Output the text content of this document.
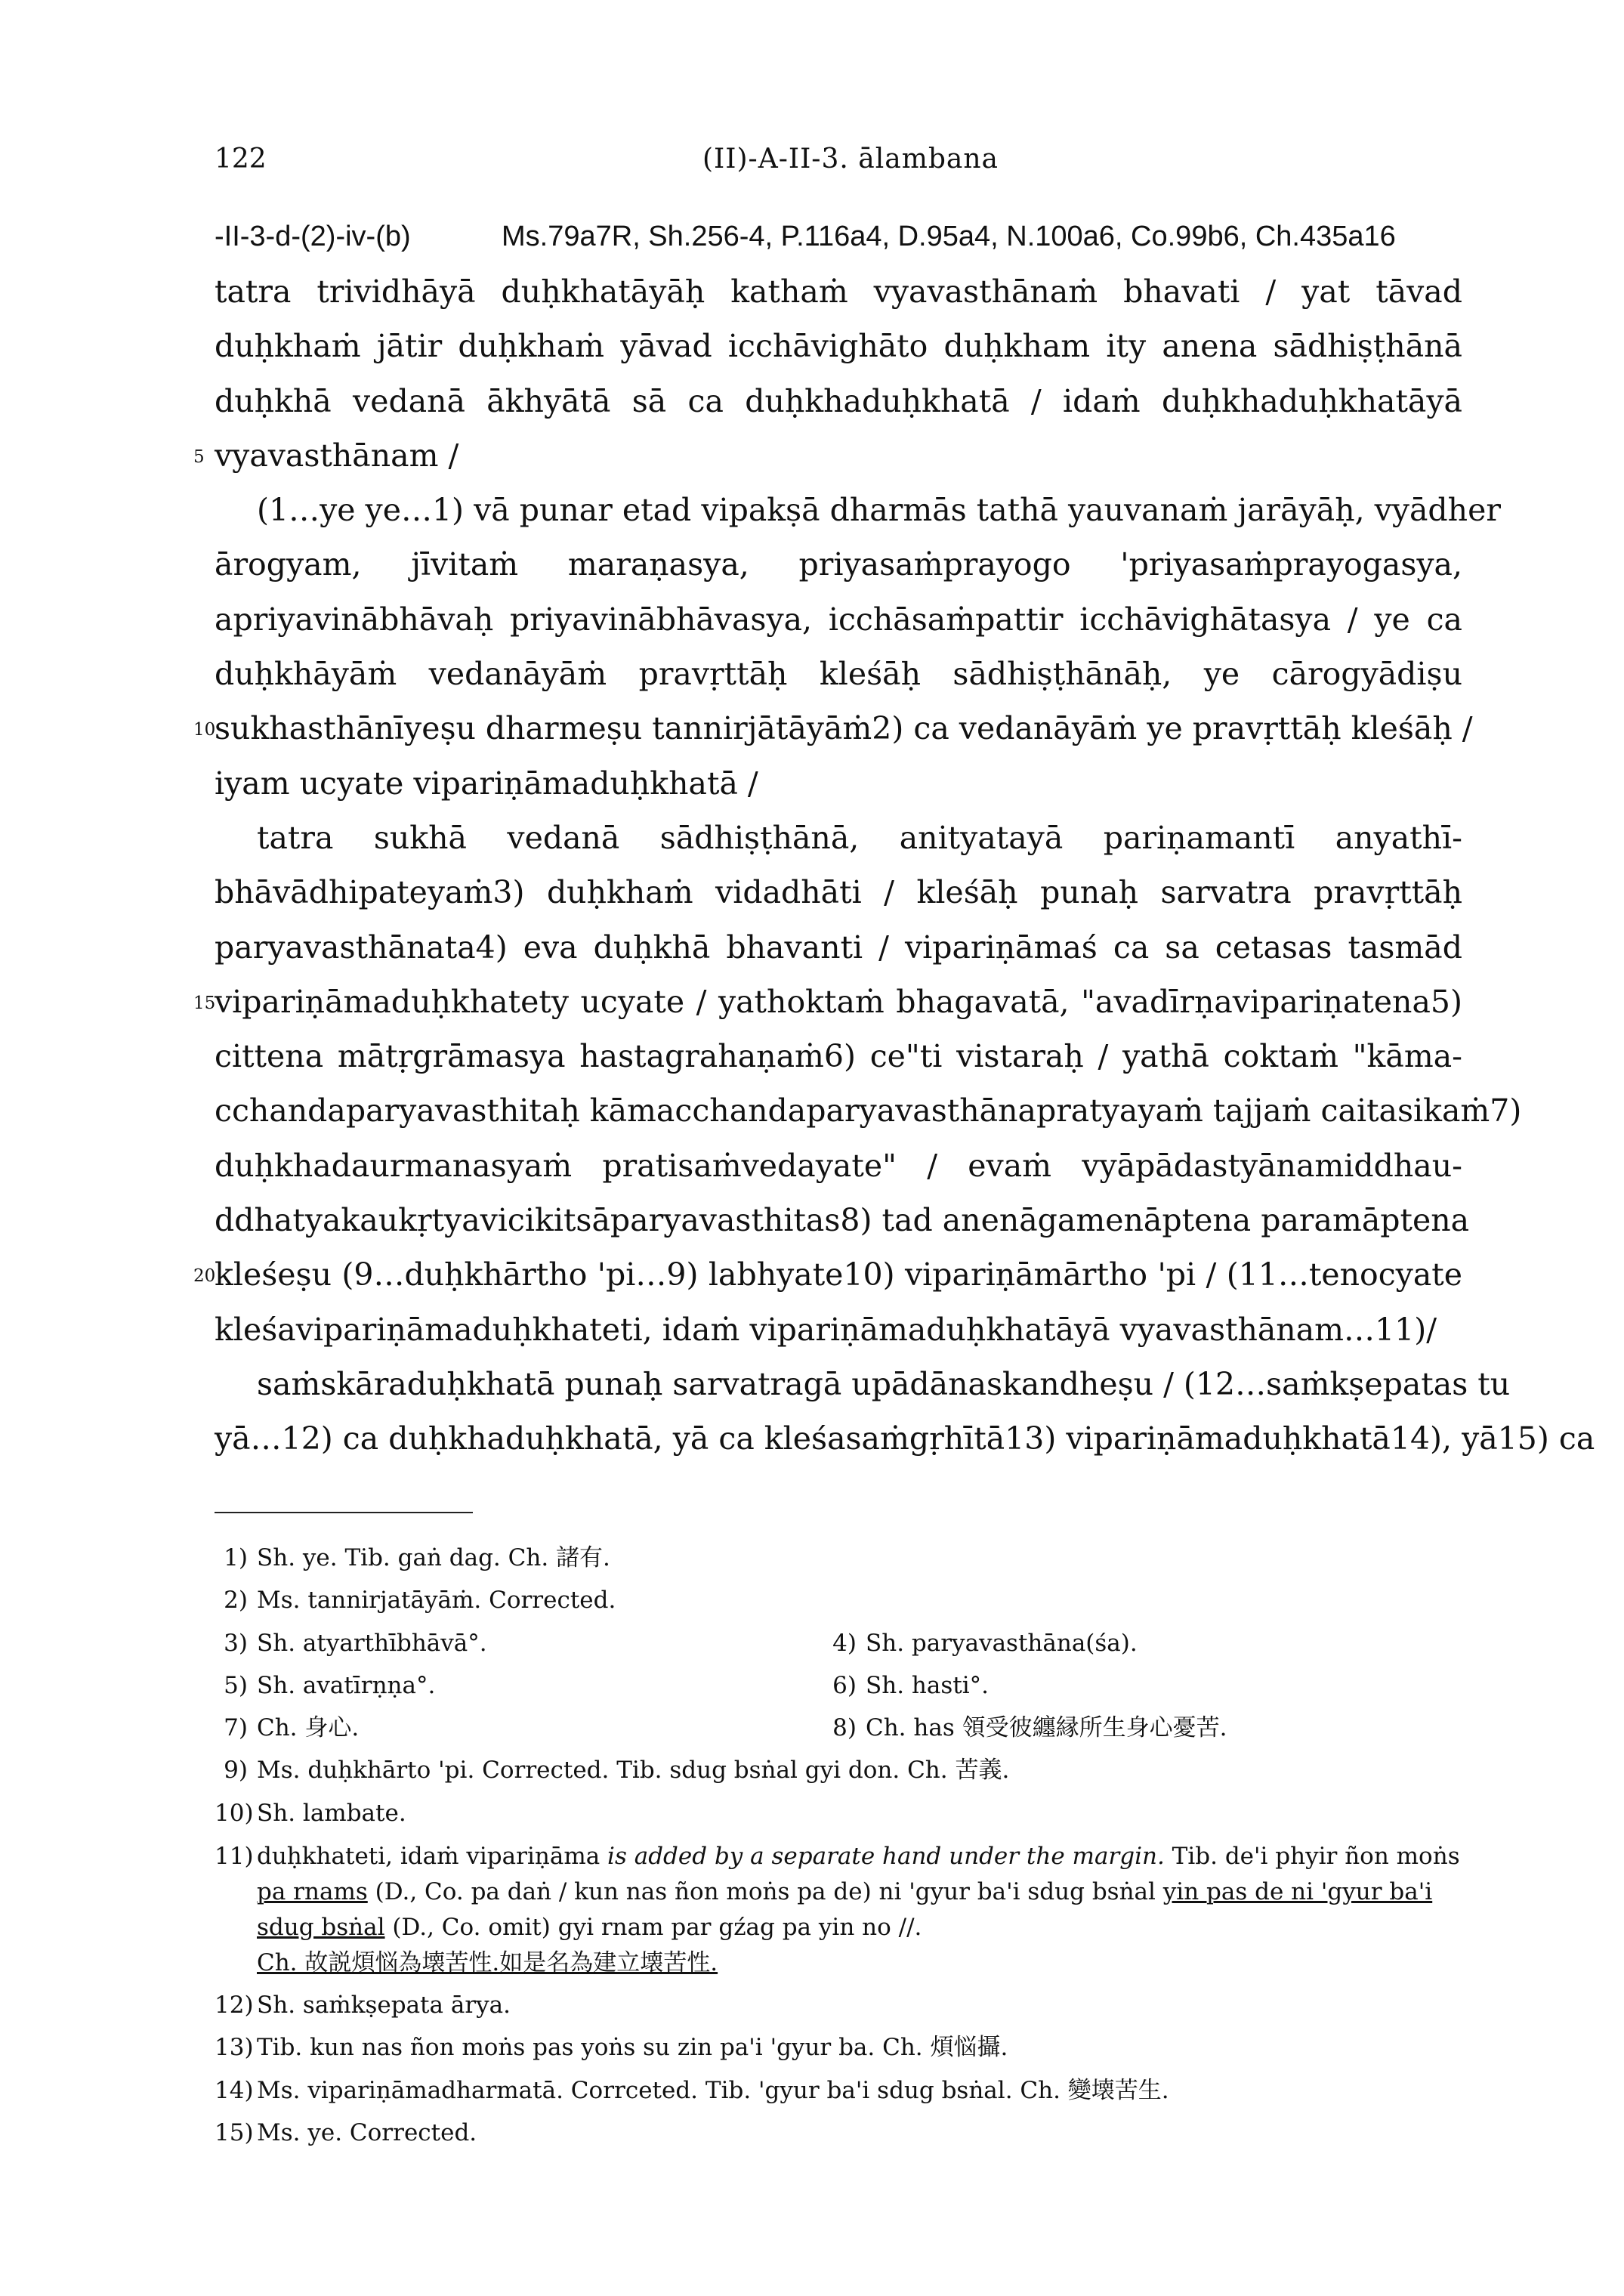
122	(II)-A-II-3. ālambana
-II-3-d-(2)-iv-(b)	Ms.79a7R, Sh.256-4, P.116a4, D.95a4, N.100a6, Co.99b6, Ch.435a16
tatra trividhāyā duḥkhatāyāḥ kathaṁ vyavasthānaṁ bhavati / yat tāvad
duḥkhaṁ jātir duḥkhaṁ yāvad icchāvighāto duḥkham ity anena sādhiṣṭhānā
duḥkhā vedanā ākhyātā sā ca duḥkhaduḥkhatā / idaṁ duḥkhaduḥkhatāyā
5 vyavasthānam /
(1…ye ye…1) vā punar etad vipakṣā dharmās tathā yauvanaṁ jarāyāḥ, vyādher
ārogyam, jīvitaṁ maraṇasya, priyasaṁprayogo 'priyasaṁprayogasya,
apriyavinābhāvaḥ priyavinābhāvasya, icchāsaṁpattir icchāvighātasya / ye ca
duḥkhāyāṁ vedanāyāṁ pravṛttāḥ kleśāḥ sādhiṣṭhānāḥ, ye cārogyādiṣu
10
sukhasthānīyeṣu dharmeṣu tannirjātāyāṁ2) ca vedanāyāṁ ye pravṛttāḥ kleśāḥ /
iyam ucyate vipariṇāmaduḥkhatā /
tatra sukhā vedanā sādhiṣṭhānā, anityatayā pariṇamantī anyathī-
bhāvādhipateyaṁ3) duḥkhaṁ vidadhāti / kleśāḥ punaḥ sarvatra pravṛttāḥ
paryavasthānata4) eva duḥkhā bhavanti / vipariṇāmaś ca sa cetasas tasmād
15
vipariṇāmaduḥkhatety ucyate / yathoktaṁ bhagavatā, "avadīrṇavipariṇatena5)
cittena mātṛgrāmasya hastagrahaṇaṁ6) ce"ti vistaraḥ / yathā coktaṁ "kāma-
cchandaparyavasthitaḥ kāmacchandaparyavasthānapratyayaṁ tajjaṁ caitasikaṁ7)
duḥkhadaurmanasyaṁ pratisaṁvedayate" / evaṁ vyāpādastyānamiddhau-
ddhatyakaukṛtyavicikitsāparyavasthitas8) tad anenāgamenāptena paramāptena
20
kleśeṣu (9…duḥkhārtho 'pi…9) labhyate10) vipariṇāmārtho 'pi / (11…tenocyate
kleśavipariṇāmaduḥkhateti, idaṁ vipariṇāmaduḥkhatāyā vyavasthānam…11)/
saṁskāraduḥkhatā punaḥ sarvatragā upādānaskandheṣu / (12…saṁkṣepatas tu
yā…12) ca duḥkhaduḥkhatā, yā ca kleśasaṁgṛhītā13) vipariṇāmaduḥkhatā14), yā15) ca
1) Sh. ye. Tib. gaṅ dag. Ch. 諸有.
2) Ms. tannirjatāyāṁ. Corrected.
3) Sh. atyarthībhāvā°.	4) Sh. paryavasthāna(śa).
5) Sh. avatīrṇṇa°.	6) Sh. hasti°.
7) Ch. 身心.	8) Ch. has 領受彼纏縁所生身心憂苦.
9) Ms. duḥkhārto 'pi. Corrected. Tib. sdug bsṅal gyi don. Ch. 苦義.
10) Sh. lambate.
11) duḥkhateti, idaṁ vipariṇāma is added by a separate hand under the margin. Tib. de'i phyir ñon moṅs pa rnams (D., Co. pa daṅ / kun nas ñon moṅs pa de) ni 'gyur ba'i sdug bsṅal yin pas de ni 'gyur ba'i sdug bsṅal (D., Co. omit) gyi rnam par gźag pa yin no //.
Ch. 故説煩悩為壊苦性.如是名為建立壊苦性.
12) Sh. saṁkṣepata ārya.
13) Tib. kun nas ñon moṅs pas yoṅs su zin pa'i 'gyur ba. Ch. 煩悩攝.
14) Ms. vipariṇāmadharmatā. Corrceted. Tib. 'gyur ba'i sdug bsṅal. Ch. 變壊苦生.
15) Ms. ye. Corrected.
